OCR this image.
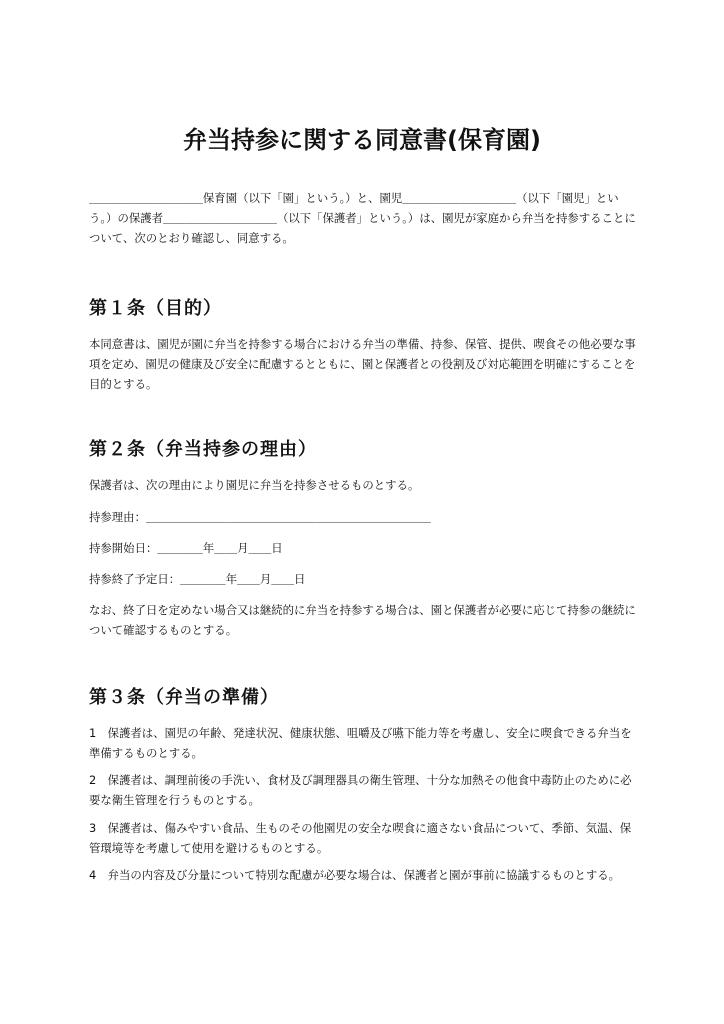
弁当持参に関する同意書(保育園)

＿＿＿＿＿＿＿＿＿＿保育園（以下「園」という。）と、園児＿＿＿＿＿＿＿＿＿＿（以下「園児」という。）の保護者＿＿＿＿＿＿＿＿＿＿（以下「保護者」という。）は、園児が家庭から弁当を持参することについて、次のとおり確認し、同意する。

第１条（目的）

本同意書は、園児が園に弁当を持参する場合における弁当の準備、持参、保管、提供、喫食その他必要な事項を定め、園児の健康及び安全に配慮するとともに、園と保護者との役割及び対応範囲を明確にすることを目的とする。

第２条（弁当持参の理由）

保護者は、次の理由により園児に弁当を持参させるものとする。

持参理由：＿＿＿＿＿＿＿＿＿＿＿＿＿＿＿＿＿＿＿＿＿＿＿＿＿

持参開始日：＿＿＿＿年＿＿月＿＿日

持参終了予定日：＿＿＿＿年＿＿月＿＿日

なお、終了日を定めない場合又は継続的に弁当を持参する場合は、園と保護者が必要に応じて持参の継続について確認するものとする。

第３条（弁当の準備）

1　保護者は、園児の年齢、発達状況、健康状態、咀嚼及び嚥下能力等を考慮し、安全に喫食できる弁当を準備するものとする。

2　保護者は、調理前後の手洗い、食材及び調理器具の衛生管理、十分な加熱その他食中毒防止のために必要な衛生管理を行うものとする。

3　保護者は、傷みやすい食品、生ものその他園児の安全な喫食に適さない食品について、季節、気温、保管環境等を考慮して使用を避けるものとする。

4　弁当の内容及び分量について特別な配慮が必要な場合は、保護者と園が事前に協議するものとする。
